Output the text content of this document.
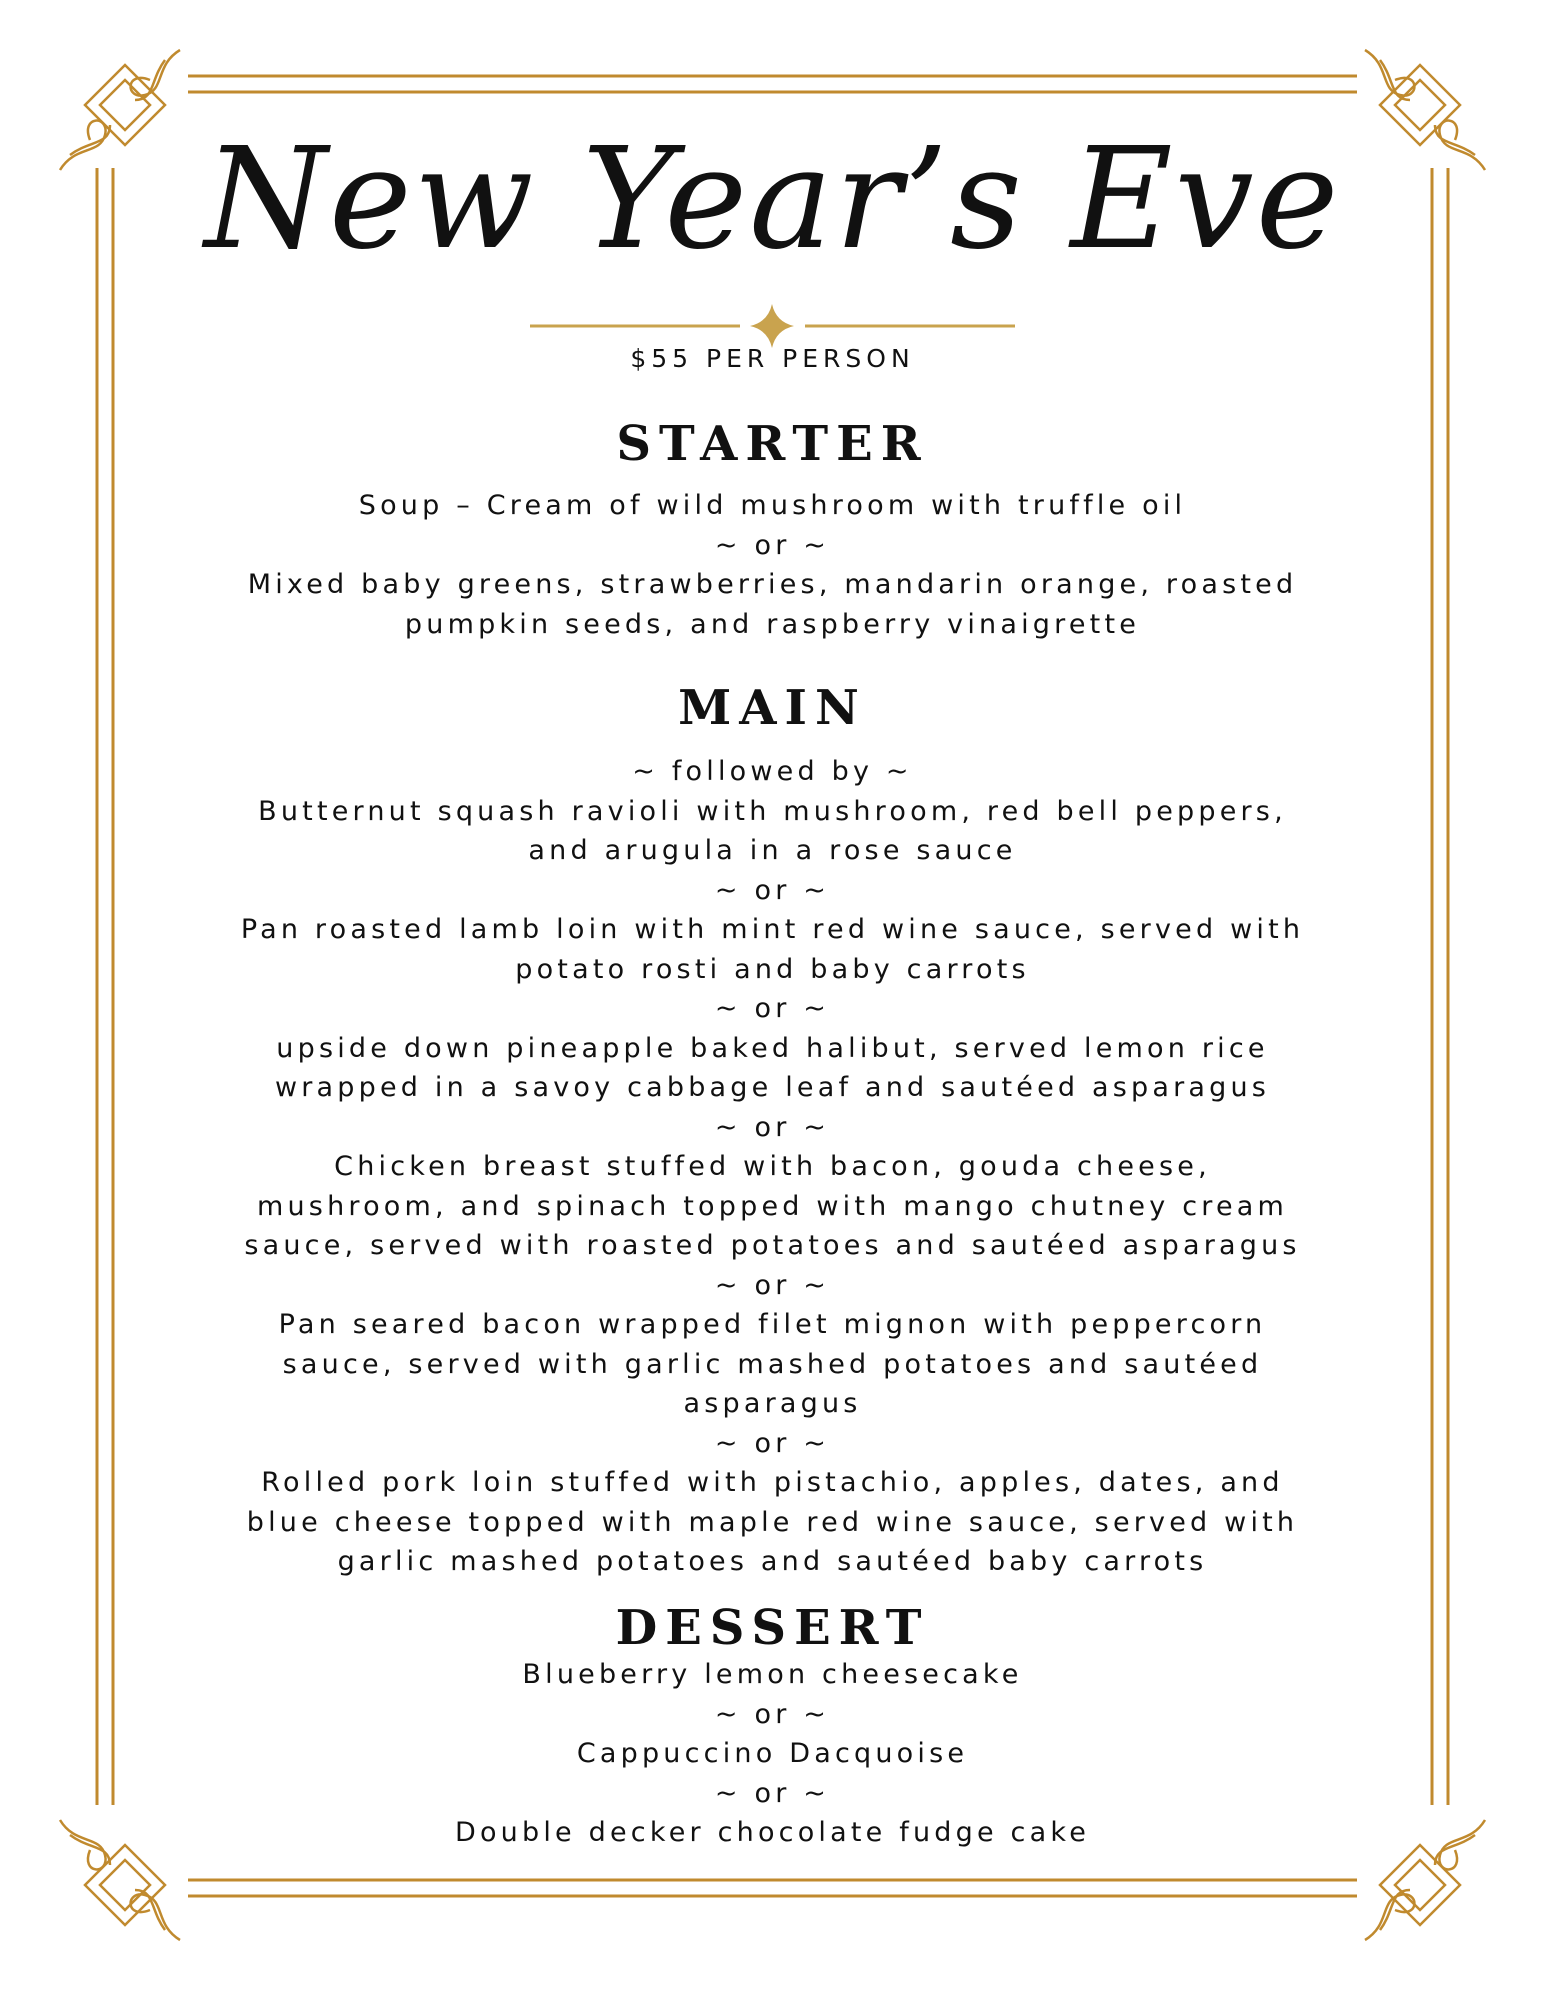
New Year’s Eve
$55 PER PERSON
STARTER
Soup – Cream of wild mushroom with truffle oil
~ or ~
Mixed baby greens, strawberries, mandarin orange, roasted
pumpkin seeds, and raspberry vinaigrette
MAIN
~ followed by ~
Butternut squash ravioli with mushroom, red bell peppers,
and arugula in a rose sauce
~ or ~
Pan roasted lamb loin with mint red wine sauce, served with
potato rosti and baby carrots
~ or ~
upside down pineapple baked halibut, served lemon rice
wrapped in a savoy cabbage leaf and sautéed asparagus
~ or ~
Chicken breast stuffed with bacon, gouda cheese,
mushroom, and spinach topped with mango chutney cream
sauce, served with roasted potatoes and sautéed asparagus
~ or ~
Pan seared bacon wrapped filet mignon with peppercorn
sauce, served with garlic mashed potatoes and sautéed
asparagus
~ or ~
Rolled pork loin stuffed with pistachio, apples, dates, and
blue cheese topped with maple red wine sauce, served with
garlic mashed potatoes and sautéed baby carrots
DESSERT
Blueberry lemon cheesecake
~ or ~
Cappuccino Dacquoise
~ or ~
Double decker chocolate fudge cake
